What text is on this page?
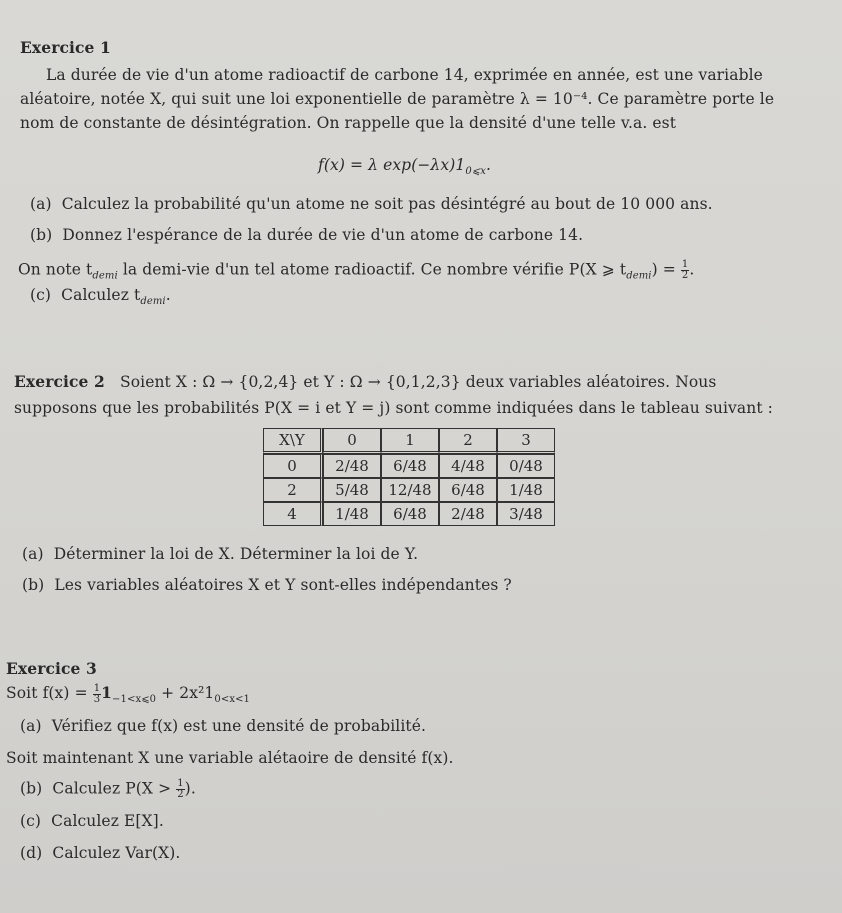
Exercice 1
La durée de vie d'un atome radioactif de carbone 14, exprimée en année, est une variable
aléatoire, notée X, qui suit une loi exponentielle de paramètre λ = 10⁻⁴. Ce paramètre porte le
nom de constante de désintégration. On rappelle que la densité d'une telle v.a. est
f(x) = λ $\exp(-\lambda x)1_{0⩽x}$.
(a) Calculez la probabilité qu'un atome ne soit pas désintégré au bout de 10 000 ans.
(b) Donnez l'espérance de la durée de vie d'un atome de carbone 14.
On note $t_{demi}$ la demi-vie d'un tel atome radioactif. Ce nombre vérifie P(X ⩾ $t_{demi}) = \frac{1}{2}$ .
(c) Calculez $t_{demi}$.
Exercice 2 Soient X : Ω → {0,2,4} et Y : Ω → {0,1,2,3} deux variables aléatoires. Nous
supposons que les probabilités P(X = i et Y = j) sont comme indiquées dans le tableau suivant :
X\Y	0	1	2	3
0	2/48	6/48	4/48	0/48
2	5/48	12/48	6/48	1/48
4	1/48	6/48	2/48	3/48
(a) Déterminer la loi de X. Déterminer la loi de Y.
(b) Les variables aléatoires X et Y sont-elles indépendantes ?
Exercice 3
Soit $f(x) = \frac{1}{3} 1_{-1<x⩽0} + 2x^21_{0<x<1}$
(a) Vérifiez que f(x) est une densité de probabilité.
Soit maintenant X une variable alétaoire de densité f(x).
(b) Calculez $P(X > \frac{1}{2}$ ).
(c) Calculez E[X].
(d) Calculez Var(X).
